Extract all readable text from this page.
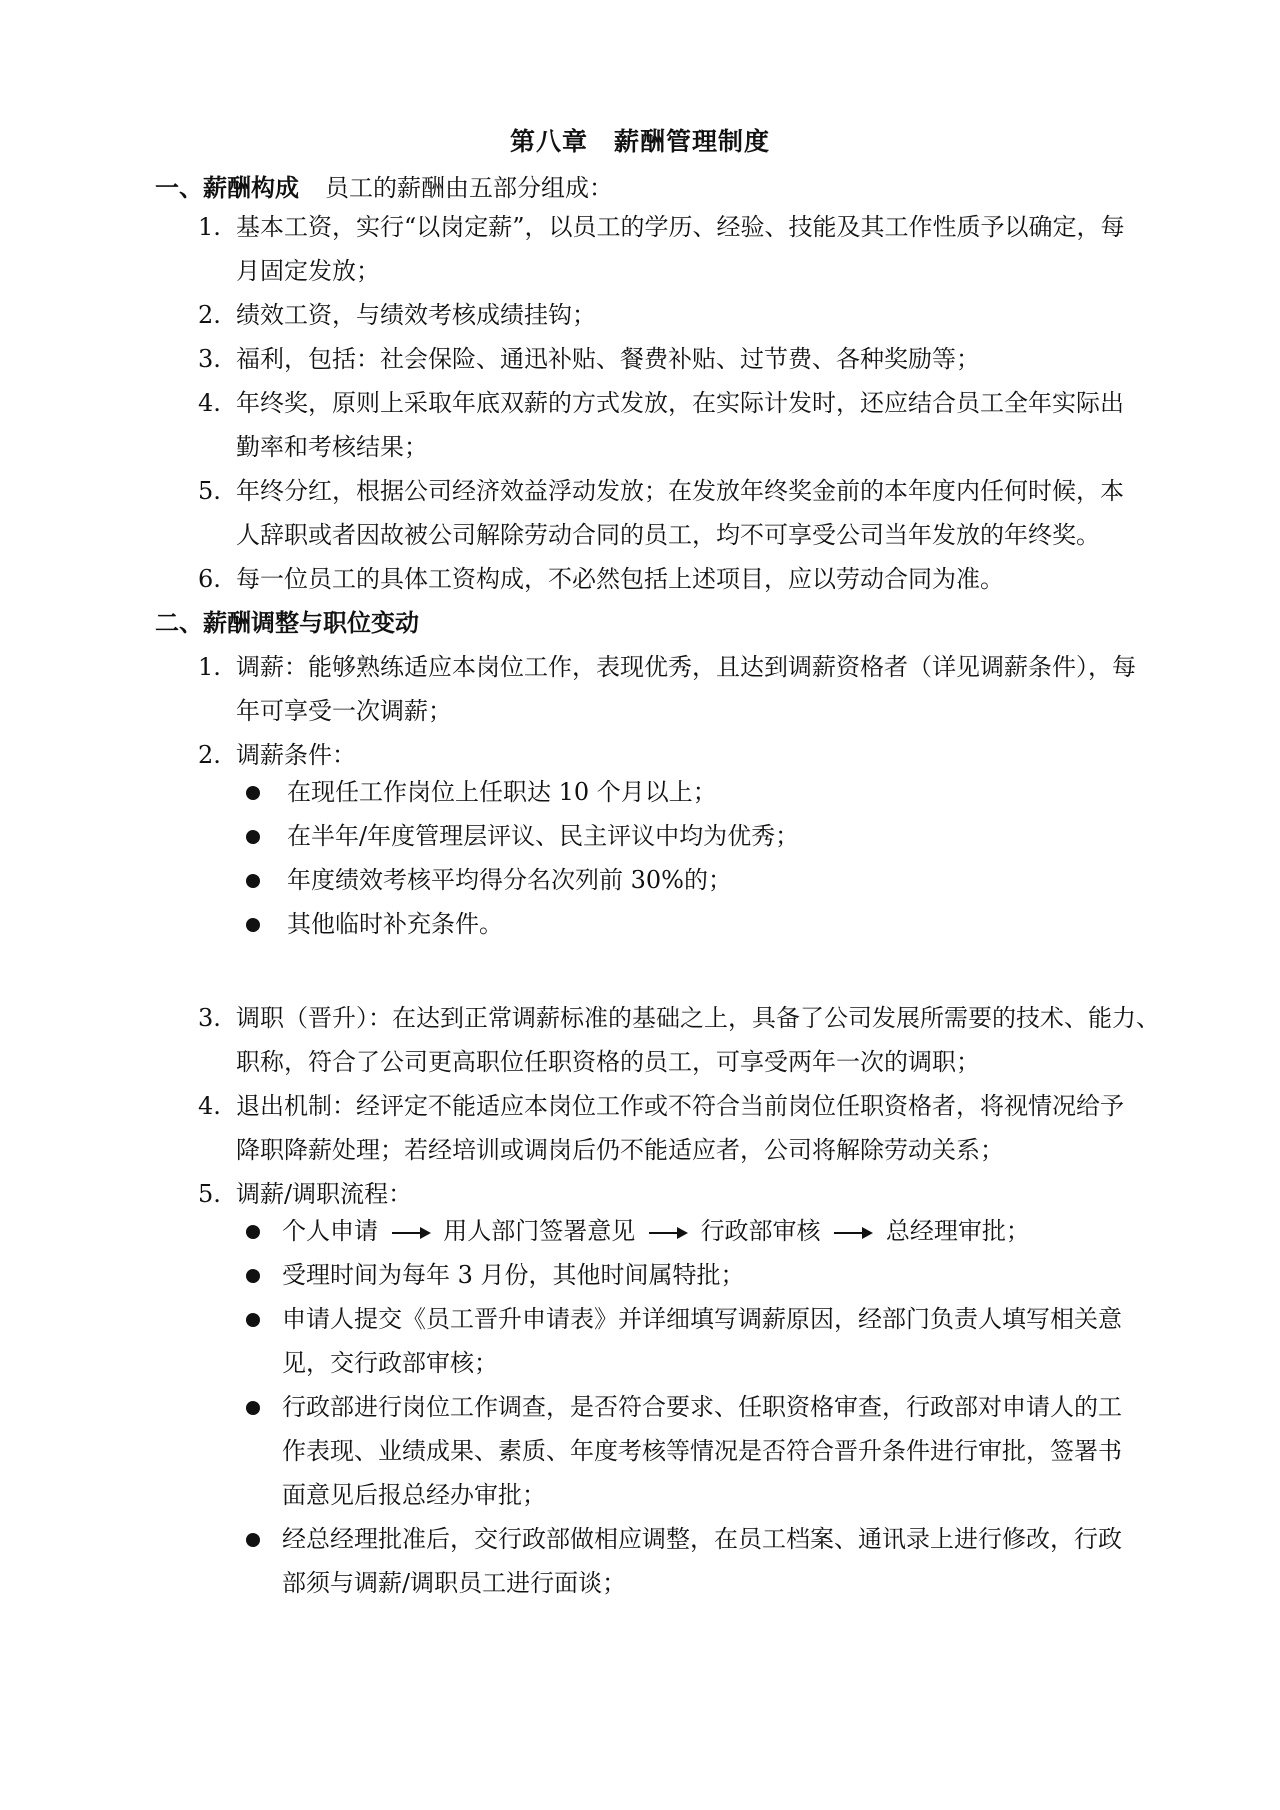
第八章　薪酬管理制度
一、薪酬构成 员工的薪酬由五部分组成：
1. 基本工资，实行“以岗定薪”，以员工的学历、经验、技能及其工作性质予以确定，每
月固定发放；
2. 绩效工资，与绩效考核成绩挂钩；
3. 福利，包括：社会保险、通迅补贴、餐费补贴、过节费、各种奖励等；
4. 年终奖，原则上采取年底双薪的方式发放，在实际计发时，还应结合员工全年实际出
勤率和考核结果；
5. 年终分红，根据公司经济效益浮动发放；在发放年终奖金前的本年度内任何时候，本
人辞职或者因故被公司解除劳动合同的员工，均不可享受公司当年发放的年终奖。
6. 每一位员工的具体工资构成，不必然包括上述项目，应以劳动合同为准。
二、薪酬调整与职位变动
1. 调薪：能够熟练适应本岗位工作，表现优秀，且达到调薪资格者（详见调薪条件），每
年可享受一次调薪；
2. 调薪条件：
在现任工作岗位上任职达 10 个月以上；
在半年/年度管理层评议、民主评议中均为优秀；
年度绩效考核平均得分名次列前 30%的；
其他临时补充条件。
3. 调职（晋升）：在达到正常调薪标准的基础之上，具备了公司发展所需要的技术、能力、
职称，符合了公司更高职位任职资格的员工，可享受两年一次的调职；
4. 退出机制：经评定不能适应本岗位工作或不符合当前岗位任职资格者，将视情况给予
降职降薪处理；若经培训或调岗后仍不能适应者，公司将解除劳动关系；
5. 调薪/调职流程：
个人申请	用人部门签署意见	行政部审核	总经理审批；
受理时间为每年 3 月份，其他时间属特批；
申请人提交《员工晋升申请表》并详细填写调薪原因，经部门负责人填写相关意
见，交行政部审核；
行政部进行岗位工作调查，是否符合要求、任职资格审查，行政部对申请人的工
作表现、业绩成果、素质、年度考核等情况是否符合晋升条件进行审批，签署书
面意见后报总经办审批；
经总经理批准后，交行政部做相应调整，在员工档案、通讯录上进行修改，行政
部须与调薪/调职员工进行面谈；
